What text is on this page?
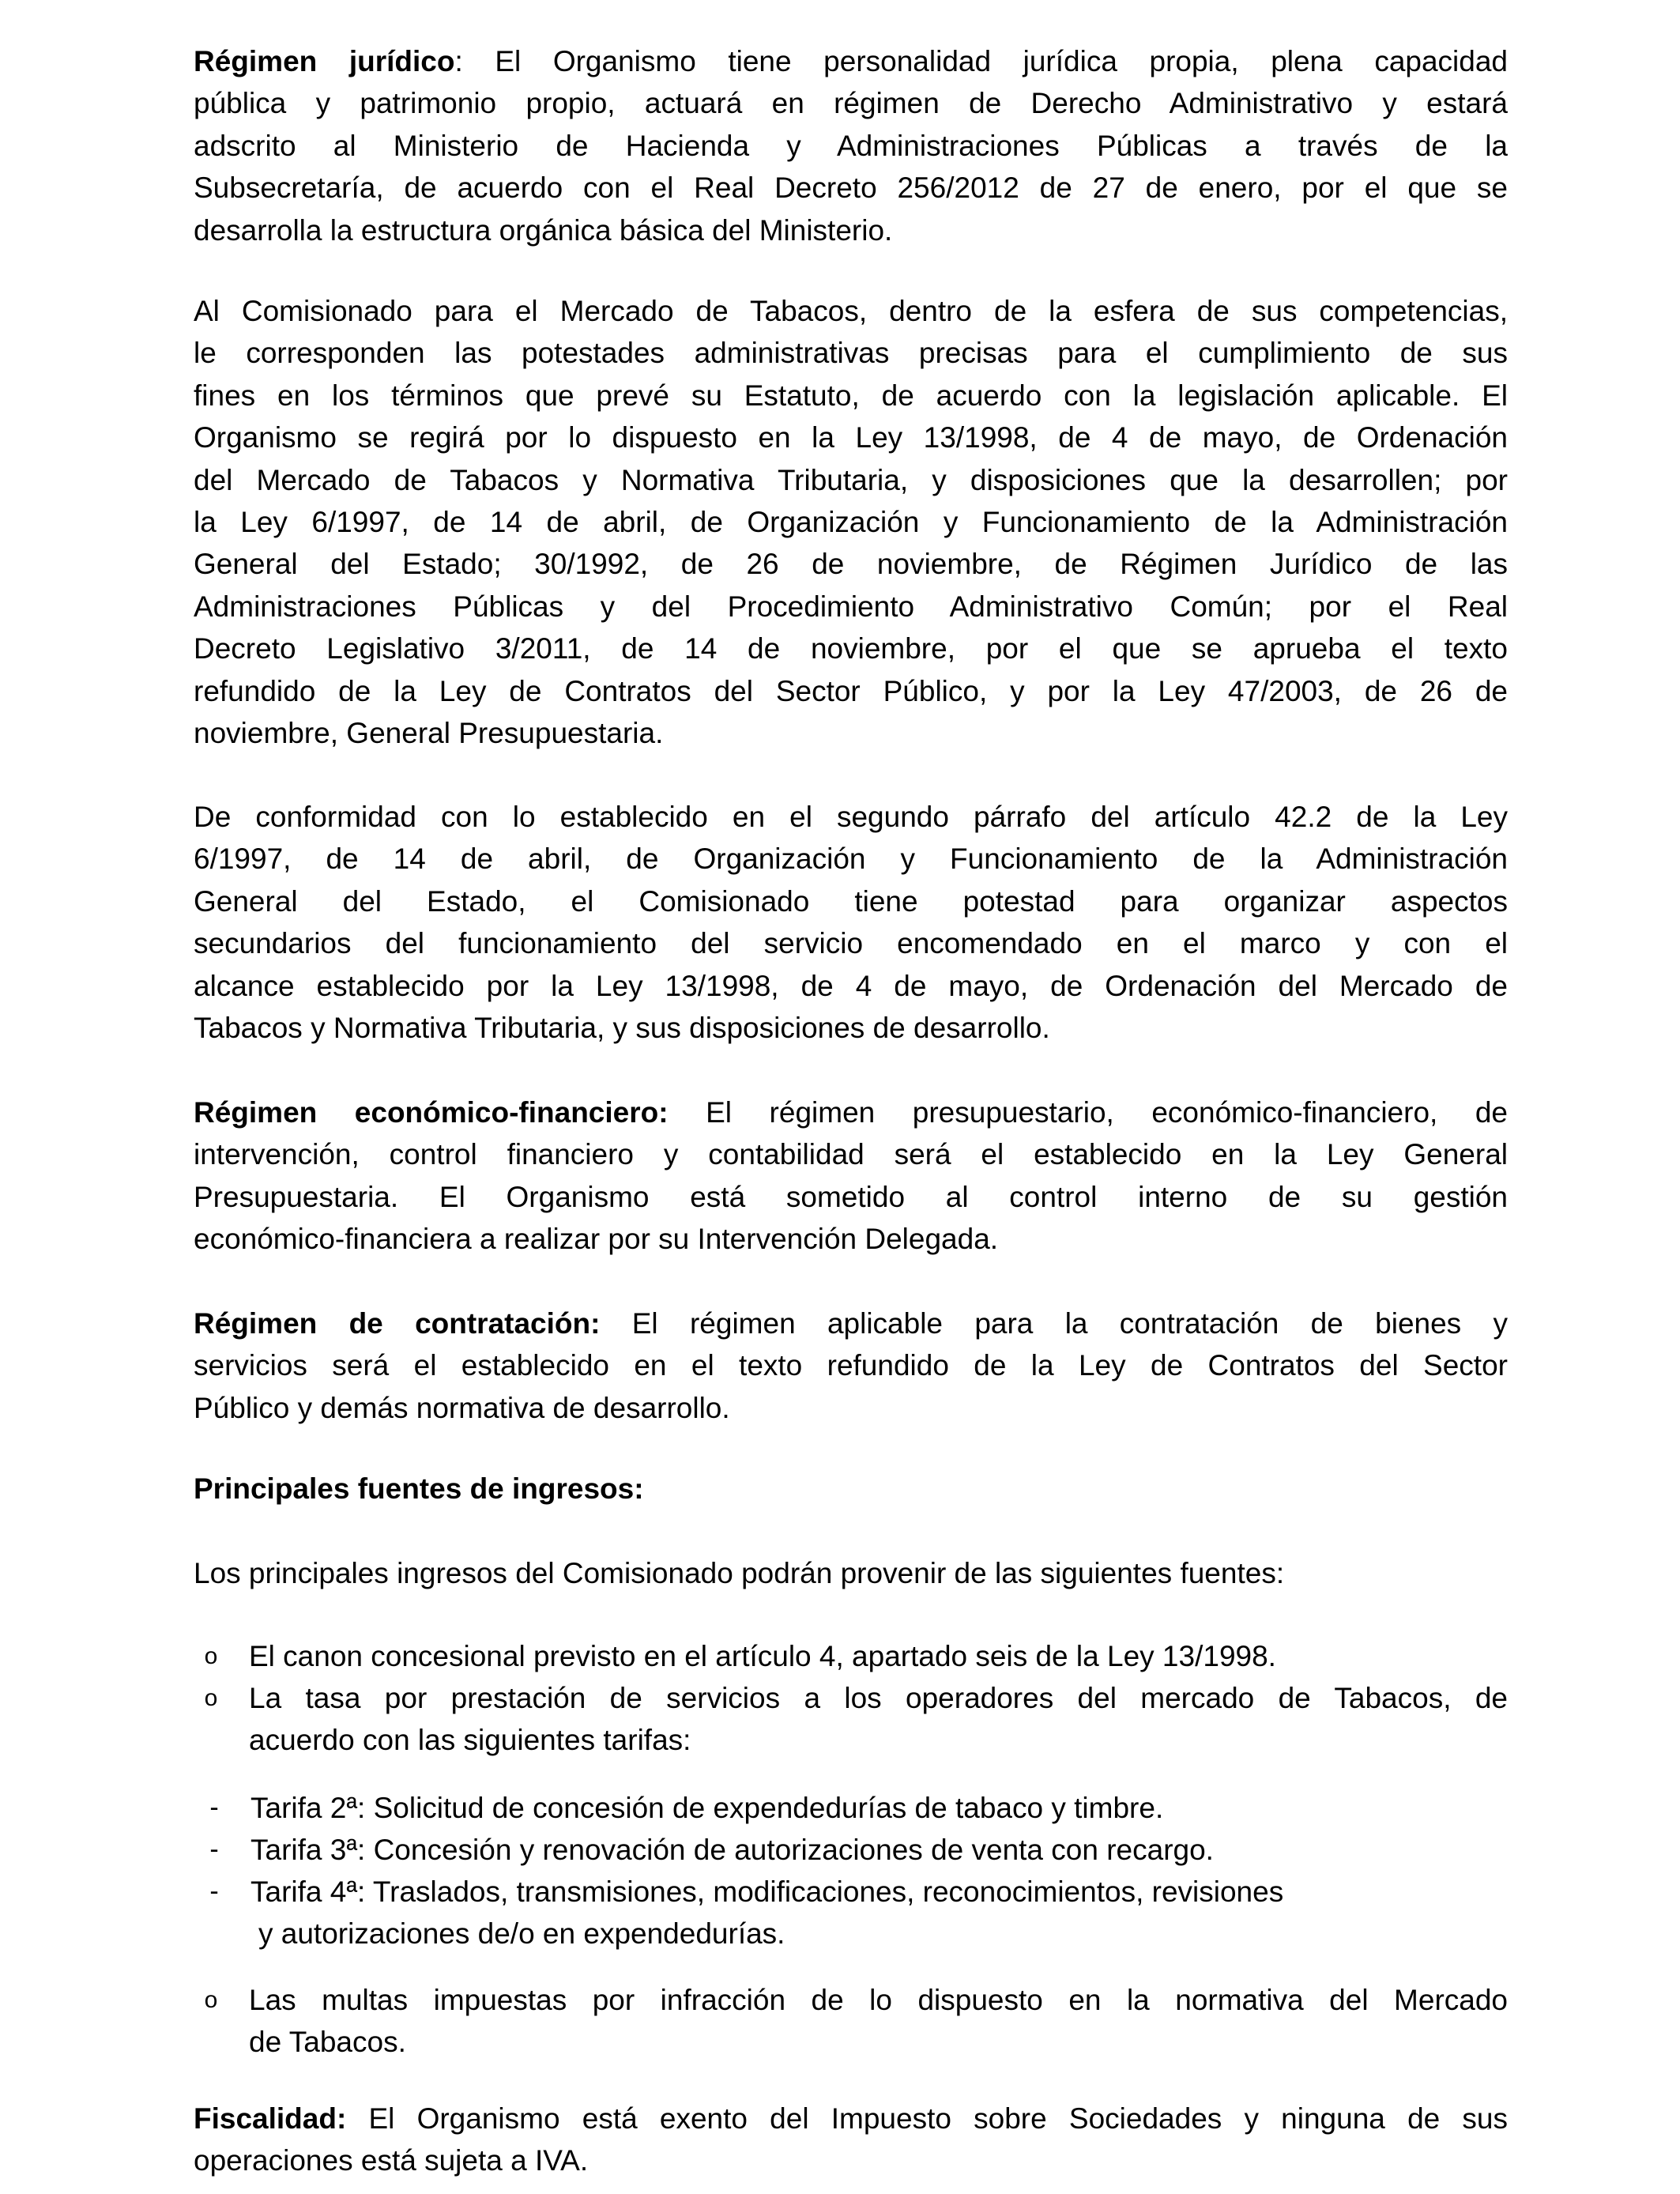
Régimen jurídico: El Organismo tiene personalidad jurídica propia, plena capacidad
pública y patrimonio propio, actuará en régimen de Derecho Administrativo y estará
adscrito al Ministerio de Hacienda y Administraciones Públicas a través de la
Subsecretaría, de acuerdo con el Real Decreto 256/2012 de 27 de enero, por el que se
desarrolla la estructura orgánica básica del Ministerio.
Al Comisionado para el Mercado de Tabacos, dentro de la esfera de sus competencias,
le corresponden las potestades administrativas precisas para el cumplimiento de sus
fines en los términos que prevé su Estatuto, de acuerdo con la legislación aplicable. El
Organismo se regirá por lo dispuesto en la Ley 13/1998, de 4 de mayo, de Ordenación
del Mercado de Tabacos y Normativa Tributaria, y disposiciones que la desarrollen; por
la Ley 6/1997, de 14 de abril, de Organización y Funcionamiento de la Administración
General del Estado; 30/1992, de 26 de noviembre, de Régimen Jurídico de las
Administraciones Públicas y del Procedimiento Administrativo Común; por el Real
Decreto Legislativo 3/2011, de 14 de noviembre, por el que se aprueba el texto
refundido de la Ley de Contratos del Sector Público, y por la Ley 47/2003, de 26 de
noviembre, General Presupuestaria.
De conformidad con lo establecido en el segundo párrafo del artículo 42.2 de la Ley
6/1997, de 14 de abril, de Organización y Funcionamiento de la Administración
General del Estado, el Comisionado tiene potestad para organizar aspectos
secundarios del funcionamiento del servicio encomendado en el marco y con el
alcance establecido por la Ley 13/1998, de 4 de mayo, de Ordenación del Mercado de
Tabacos y Normativa Tributaria, y sus disposiciones de desarrollo.
Régimen económico-financiero: El régimen presupuestario, económico-financiero, de
intervención, control financiero y contabilidad será el establecido en la Ley General
Presupuestaria. El Organismo está sometido al control interno de su gestión
económico-financiera a realizar por su Intervención Delegada.
Régimen de contratación: El régimen aplicable para la contratación de bienes y
servicios será el establecido en el texto refundido de la Ley de Contratos del Sector
Público y demás normativa de desarrollo.
Principales fuentes de ingresos:
Los principales ingresos del Comisionado podrán provenir de las siguientes fuentes:
o	El canon concesional previsto en el artículo 4, apartado seis de la Ley 13/1998.
o	La tasa por prestación de servicios a los operadores del mercado de Tabacos, de
acuerdo con las siguientes tarifas:
-	Tarifa 2ª: Solicitud de concesión de expendedurías de tabaco y timbre.
-	Tarifa 3ª: Concesión y renovación de autorizaciones de venta con recargo.
-	Tarifa 4ª: Traslados, transmisiones, modificaciones, reconocimientos, revisiones
y autorizaciones de/o en expendedurías.
o	Las multas impuestas por infracción de lo dispuesto en la normativa del Mercado
de Tabacos.
Fiscalidad: El Organismo está exento del Impuesto sobre Sociedades y ninguna de sus
operaciones está sujeta a IVA.
